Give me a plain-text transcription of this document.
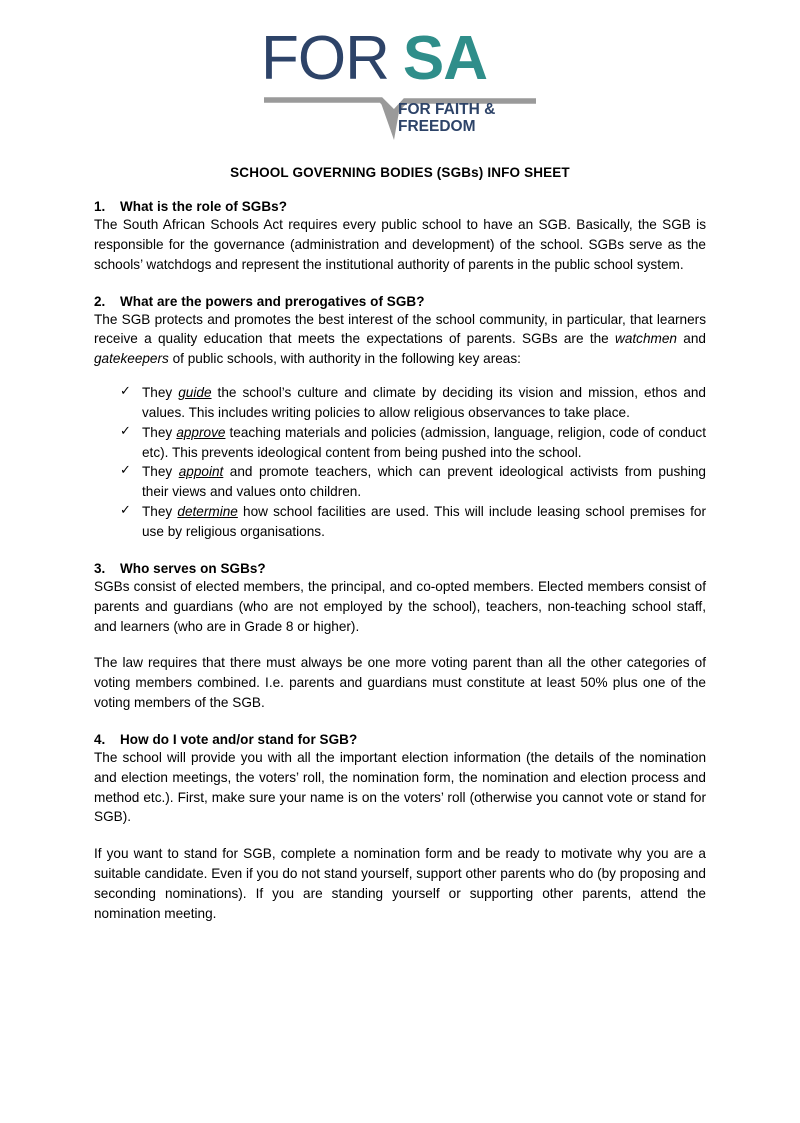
FOR SA
FOR FAITH &
FREEDOM
SCHOOL GOVERNING BODIES (SGBs) INFO SHEET
1. What is the role of SGBs?

The South African Schools Act requires every public school to have an SGB. Basically, the SGB is responsible for the governance (administration and development) of the school. SGBs serve as the schools’ watchdogs and represent the institutional authority of parents in the public school system.

2. What are the powers and prerogatives of SGB?

The SGB protects and promotes the best interest of the school community, in particular, that learners receive a quality education that meets the expectations of parents. SGBs are the watchmen and gatekeepers of public schools, with authority in the following key areas:

✓ They guide the school’s culture and climate by deciding its vision and mission, ethos and values. This includes writing policies to allow religious observances to take place.
✓ They approve teaching materials and policies (admission, language, religion, code of conduct etc). This prevents ideological content from being pushed into the school.
✓ They appoint and promote teachers, which can prevent ideological activists from pushing their views and values onto children.
✓ They determine how school facilities are used. This will include leasing school premises for use by religious organisations.
3. Who serves on SGBs?

SGBs consist of elected members, the principal, and co-opted members. Elected members consist of parents and guardians (who are not employed by the school), teachers, non-teaching school staff, and learners (who are in Grade 8 or higher).

The law requires that there must always be one more voting parent than all the other categories of voting members combined. I.e. parents and guardians must constitute at least 50% plus one of the voting members of the SGB.

4. How do I vote and/or stand for SGB?

The school will provide you with all the important election information (the details of the nomination and election meetings, the voters’ roll, the nomination form, the nomination and election process and method etc.). First, make sure your name is on the voters’ roll (otherwise you cannot vote or stand for SGB).

If you want to stand for SGB, complete a nomination form and be ready to motivate why you are a suitable candidate. Even if you do not stand yourself, support other parents who do (by proposing and seconding nominations). If you are standing yourself or supporting other parents, attend the nomination meeting.
